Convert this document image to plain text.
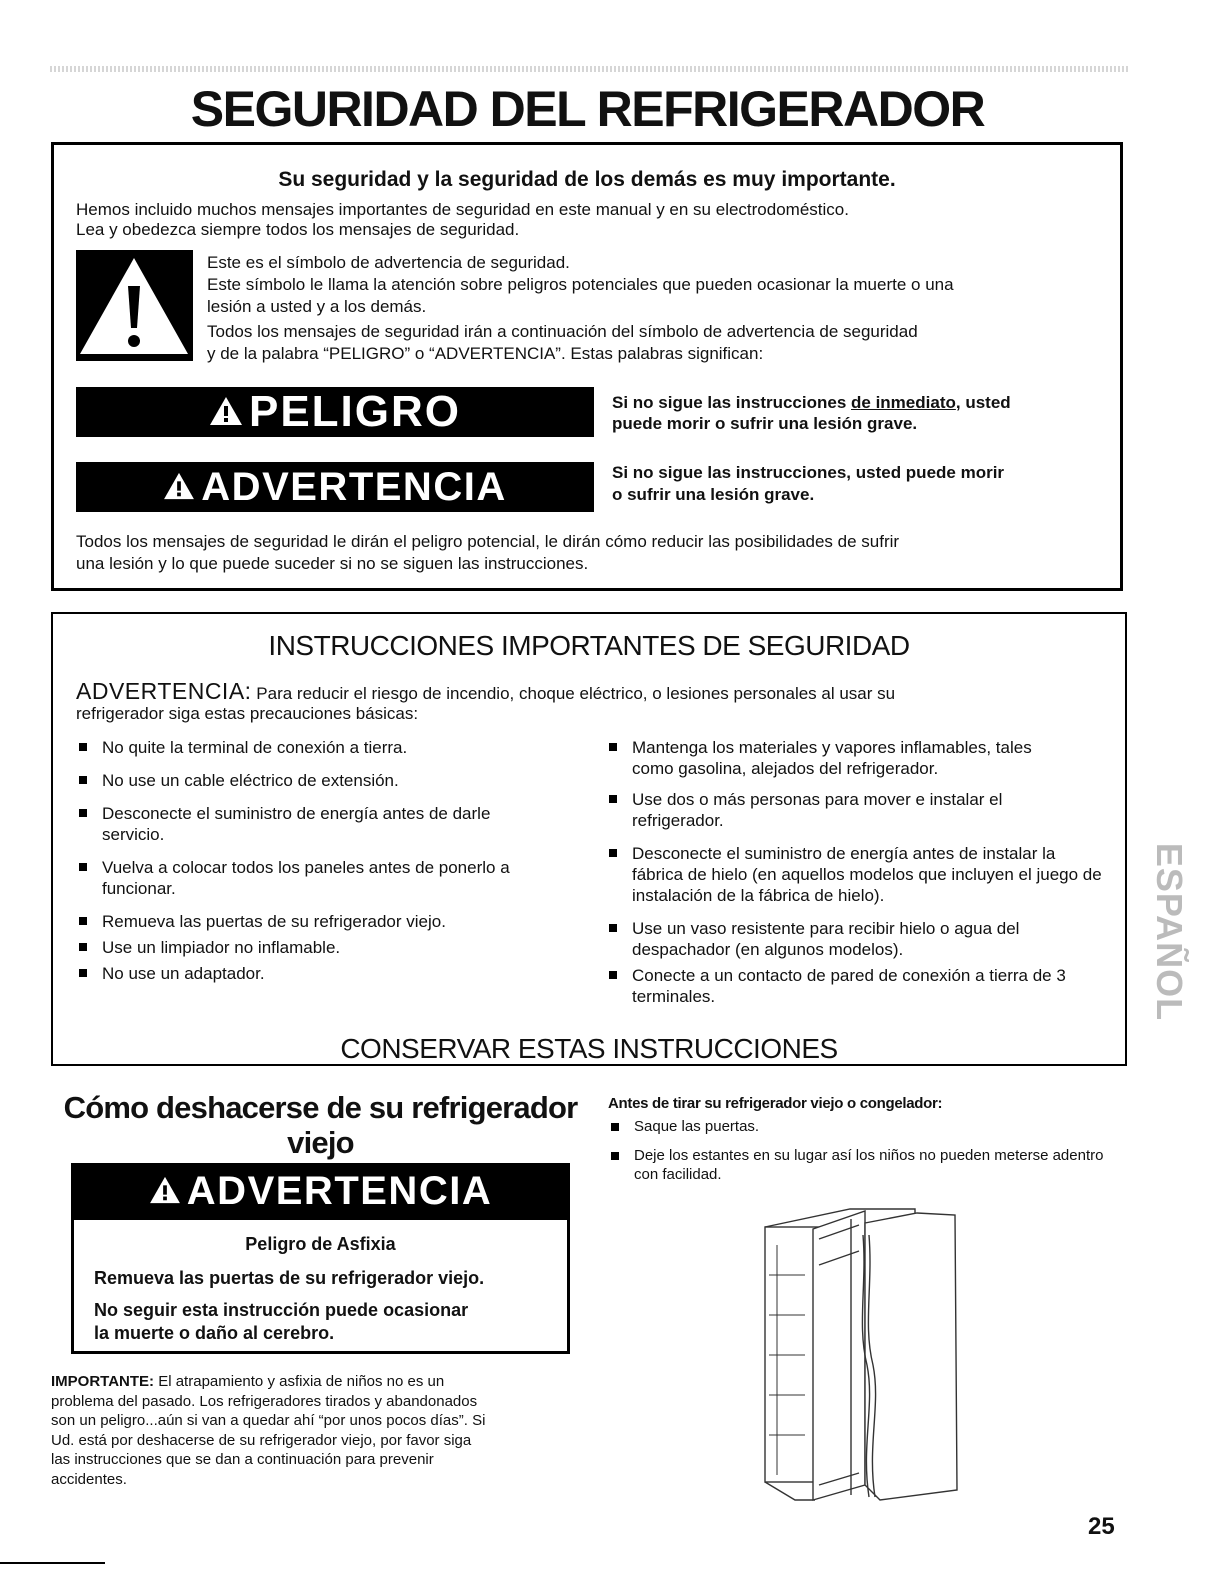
SEGURIDAD DEL REFRIGERADOR
Su seguridad y la seguridad de los demás es muy importante.
Hemos incluido muchos mensajes importantes de seguridad en este manual y en su electrodoméstico.
Lea y obedezca siempre todos los mensajes de seguridad.
Este es el símbolo de advertencia de seguridad.
Este símbolo le llama la atención sobre peligros potenciales que pueden ocasionar la muerte o una
lesión a usted y a los demás.
Todos los mensajes de seguridad irán a continuación del símbolo de advertencia de seguridad
y de la palabra “PELIGRO” o “ADVERTENCIA”. Estas palabras significan:
PELIGRO	Si no sigue las instrucciones de inmediato, usted
puede morir o sufrir una lesión grave.
ADVERTENCIA	Si no sigue las instrucciones, usted puede morir
o sufrir una lesión grave.
Todos los mensajes de seguridad le dirán el peligro potencial, le dirán cómo reducir las posibilidades de sufrir
una lesión y lo que puede suceder si no se siguen las instrucciones.
INSTRUCCIONES IMPORTANTES DE SEGURIDAD
ADVERTENCIA: Para reducir el riesgo de incendio, choque eléctrico, o lesiones personales al usar su
refrigerador siga estas precauciones básicas:
No quite la terminal de conexión a tierra.
No use un cable eléctrico de extensión.
Desconecte el suministro de energía antes de darle servicio.
Vuelva a colocar todos los paneles antes de ponerlo a funcionar.
Remueva las puertas de su refrigerador viejo.
Use un limpiador no inflamable.
No use un adaptador.
Mantenga los materiales y vapores inflamables, tales como gasolina, alejados del refrigerador.
Use dos o más personas para mover e instalar el refrigerador.
Desconecte el suministro de energía antes de instalar la fábrica de hielo (en aquellos modelos que incluyen el juego de instalación de la fábrica de hielo).
Use un vaso resistente para recibir hielo o agua del despachador (en algunos modelos).
Conecte a un contacto de pared de conexión a tierra de 3 terminales.
CONSERVAR ESTAS INSTRUCCIONES
Cómo deshacerse de su refrigerador
viejo
ADVERTENCIA
Peligro de Asfixia
Remueva las puertas de su refrigerador viejo.
No seguir esta instrucción puede ocasionar
la muerte o daño al cerebro.
IMPORTANTE: El atrapamiento y asfixia de niños no es un
problema del pasado. Los refrigeradores tirados y abandonados
son un peligro...aún si van a quedar ahí “por unos pocos días”. Si
Ud. está por deshacerse de su refrigerador viejo, por favor siga
las instrucciones que se dan a continuación para prevenir
accidentes.
Antes de tirar su refrigerador viejo o congelador:
Saque las puertas.
Deje los estantes en su lugar así los niños no pueden meterse adentro con facilidad.
ESPAÑOL
25
